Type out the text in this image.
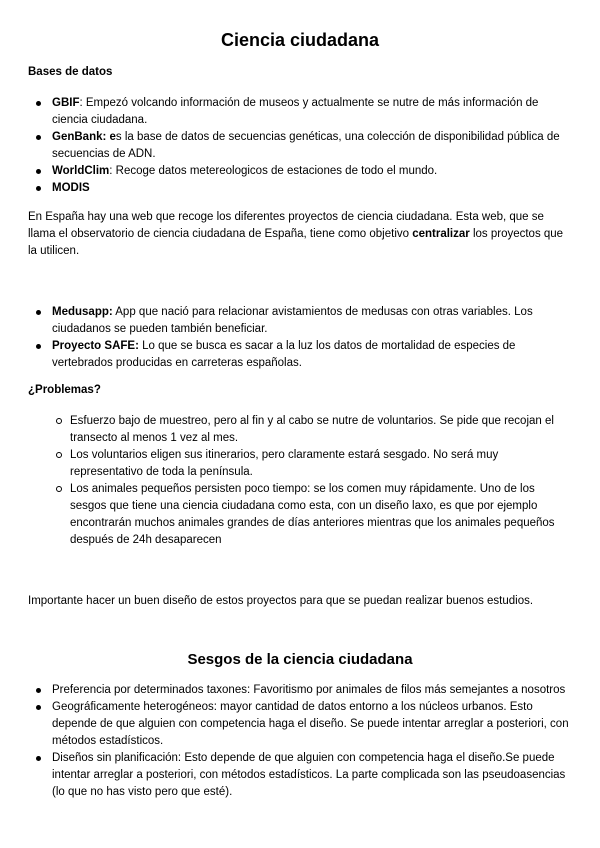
Ciencia ciudadana
Bases de datos
GBIF: Empezó volcando información de museos y actualmente se nutre de más información de ciencia ciudadana.
GenBank: es la base de datos de secuencias genéticas, una colección de disponibilidad pública de secuencias de ADN.
WorldClim: Recoge datos metereologicos de estaciones de todo el mundo.
MODIS

En España hay una web que recoge los diferentes proyectos de ciencia ciudadana. Esta web, que se llama el observatorio de ciencia ciudadana de España, tiene como objetivo centralizar los proyectos que la utilicen.

Medusapp: App que nació para relacionar avistamientos de medusas con otras variables. Los ciudadanos se pueden también beneficiar.
Proyecto SAFE: Lo que se busca es sacar a la luz los datos de mortalidad de especies de vertebrados producidas en carreteras españolas.
¿Problemas?
Esfuerzo bajo de muestreo, pero al fin y al cabo se nutre de voluntarios. Se pide que recojan el transecto al menos 1 vez al mes.
Los voluntarios eligen sus itinerarios, pero claramente estará sesgado. No será muy representativo de toda la península.
Los animales pequeños persisten poco tiempo: se los comen muy rápidamente. Uno de los sesgos que tiene una ciencia ciudadana como esta, con un diseño laxo, es que por ejemplo encontrarán muchos animales grandes de días anteriores mientras que los animales pequeños después de 24h desaparecen

Importante hacer un buen diseño de estos proyectos para que se puedan realizar buenos estudios.

Sesgos de la ciencia ciudadana
Preferencia por determinados taxones: Favoritismo por animales de filos más semejantes a nosotros
Geográficamente heterogéneos: mayor cantidad de datos entorno a los núcleos urbanos. Esto depende de que alguien con competencia haga el diseño. Se puede intentar arreglar a posteriori, con métodos estadísticos.
Diseños sin planificación: Esto depende de que alguien con competencia haga el diseño.Se puede intentar arreglar a posteriori, con métodos estadísticos. La parte complicada son las pseudoasencias (lo que no has visto pero que esté).
